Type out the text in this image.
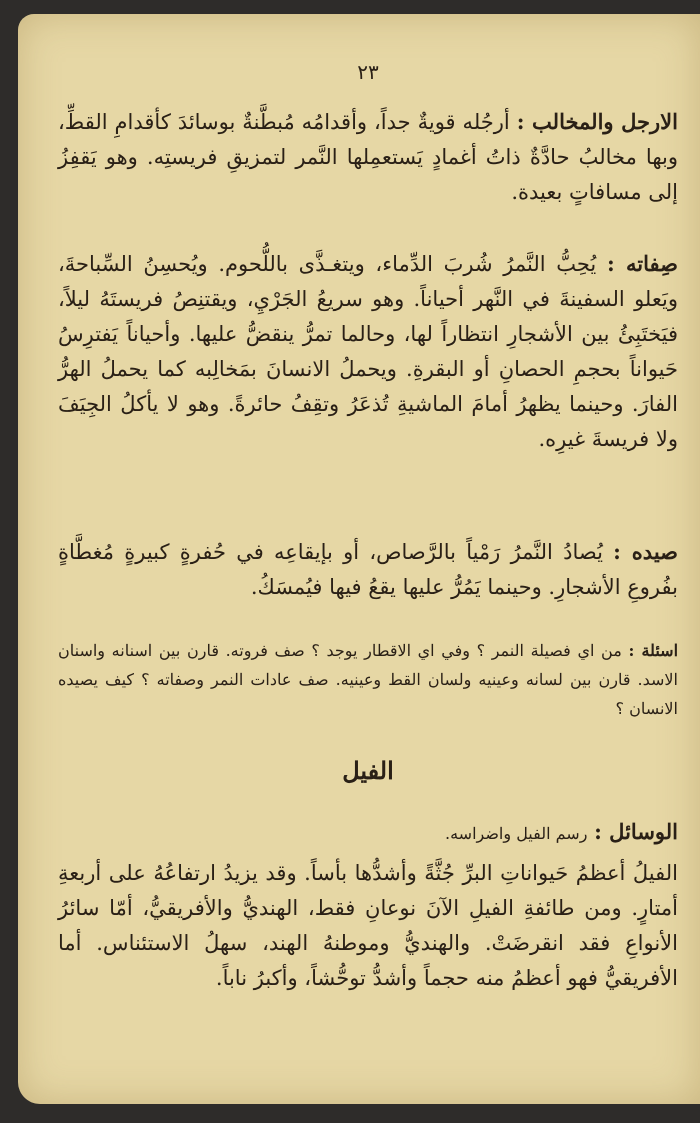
٢٣

الارجل والمخالب : أرجُله قويةٌ جداً، وأقدامُه مُبطَّنةٌ بوسائدَ كأقدامِ القطِّ، وبها مخالبُ حادَّةٌ ذاتُ أغمادٍ يَستعمِلها النَّمر لتمزيقِ فريستِه. وهو يَقفِزُ إلى مسافاتٍ بعيدة.

صِفاته : يُحِبُّ النَّمرُ شُربَ الدِّماء، ويتغـذَّى باللُّحوم. ويُحسِنُ السِّباحةَ، ويَعلو السفينةَ في النَّهر أحياناً. وهو سريعُ الجَرْيِ، ويقتنِصُ فريستَهُ ليلاً، فيَختَبِئُ بين الأشجارِ انتظاراً لها، وحالما تمرُّ ينقضُّ عليها. وأحياناً يَفترِسُ حَيواناً بحجمِ الحصانِ أو البقرةِ. ويحملُ الانسانَ بمَخالِبه كما يحملُ الهرُّ الفارَ. وحينما يظهرُ أمامَ الماشيةِ تُذعَرُ وتقِفُ حائرةً. وهو لا يأكلُ الجِيَفَ ولا فريسةَ غيرِه.

صيده : يُصادُ النَّمرُ رَمْياً بالرَّصاص، أو بإيقاعِه في حُفرةٍ كبيرةٍ مُغطَّاةٍ بفُروعِ الأشجارِ. وحينما يَمُرُّ عليها يقعُ فيها فيُمسَكُ.

اسئلة : من اي فصيلة النمر ؟ وفي اي الاقطار يوجد ؟ صف فروته. قارن بين اسنانه واسنان الاسد. قارن بين لسانه وعينيه ولسان القط وعينيه. صف عادات النمر وصفاته ؟ كيف يصيده الانسان ؟

الفيل

الوسائل : رسم الفيل واضراسه.

الفيلُ أعظمُ حَيواناتِ البرِّ جُثَّةً وأشدُّها بأساً. وقد يزيدُ ارتفاعُهُ على أربعةِ أمتارٍ. ومن طائفةِ الفيلِ الآنَ نوعانِ فقط، الهنديُّ والأفريقيُّ، أمّا سائرُ الأنواعِ فقد انقرضَتْ. والهنديُّ وموطنهُ الهند، سهلُ الاستئناس. أما الأفريقيُّ فهو أعظمُ منه حجماً وأشدُّ توحُّشاً، وأكبرُ ناباً.
